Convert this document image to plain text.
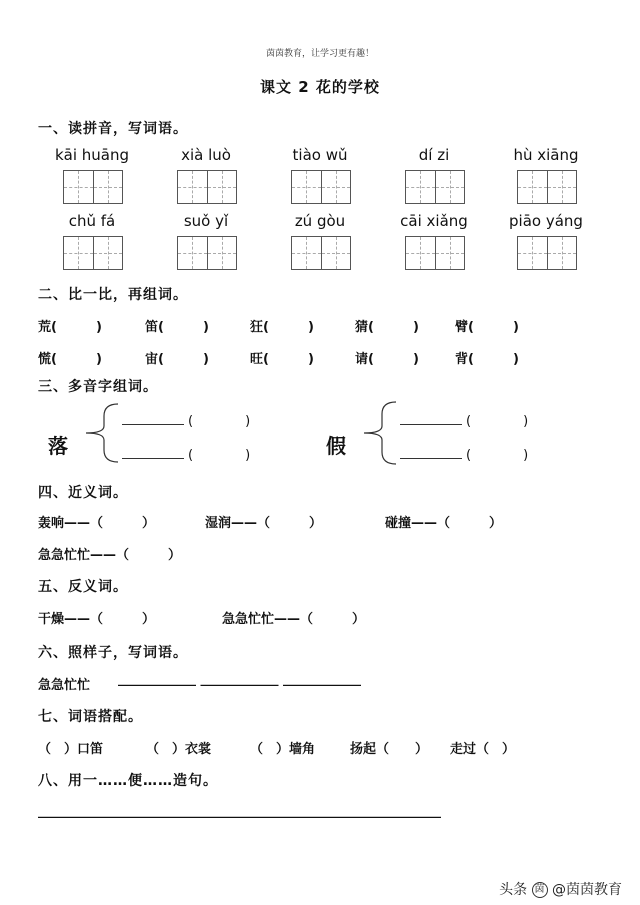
茵茵教育，让学习更有趣！
课文 2 花的学校
一、读拼音，写词语。
kāi huāng	xià luò	tiào wǔ	dí zi	hù xiāng
chǔ fá	suǒ yǐ	zú gòu	cāi xiǎng	piāo yáng
二、比一比，再组词。
荒(　　　)	笛(　　　)	狂(　　　)	猜(　　　)	臂(　　　)
慌(　　　)	宙(　　　)	旺(　　　)	请(　　　)	背(　　　)
三、多音字组词。
落
(　　　　)
(　　　　)	假
(　　　　)
(　　　　)
四、近义词。
轰响——（　　　）	湿润——（　　　）	碰撞——（　　　）
急急忙忙——（　　　）
五、反义词。
干燥——（　　　）	急急忙忙——（　　　）
六、照样子，写词语。
急急忙忙 ____________ ____________ ____________
七、词语搭配。
（　）口笛	（　）衣裳	（　）墙角	扬起（　　） 走过（　）
八、用一……便……造句。
______________________________________________________________
头条 茵 @茵茵教育
